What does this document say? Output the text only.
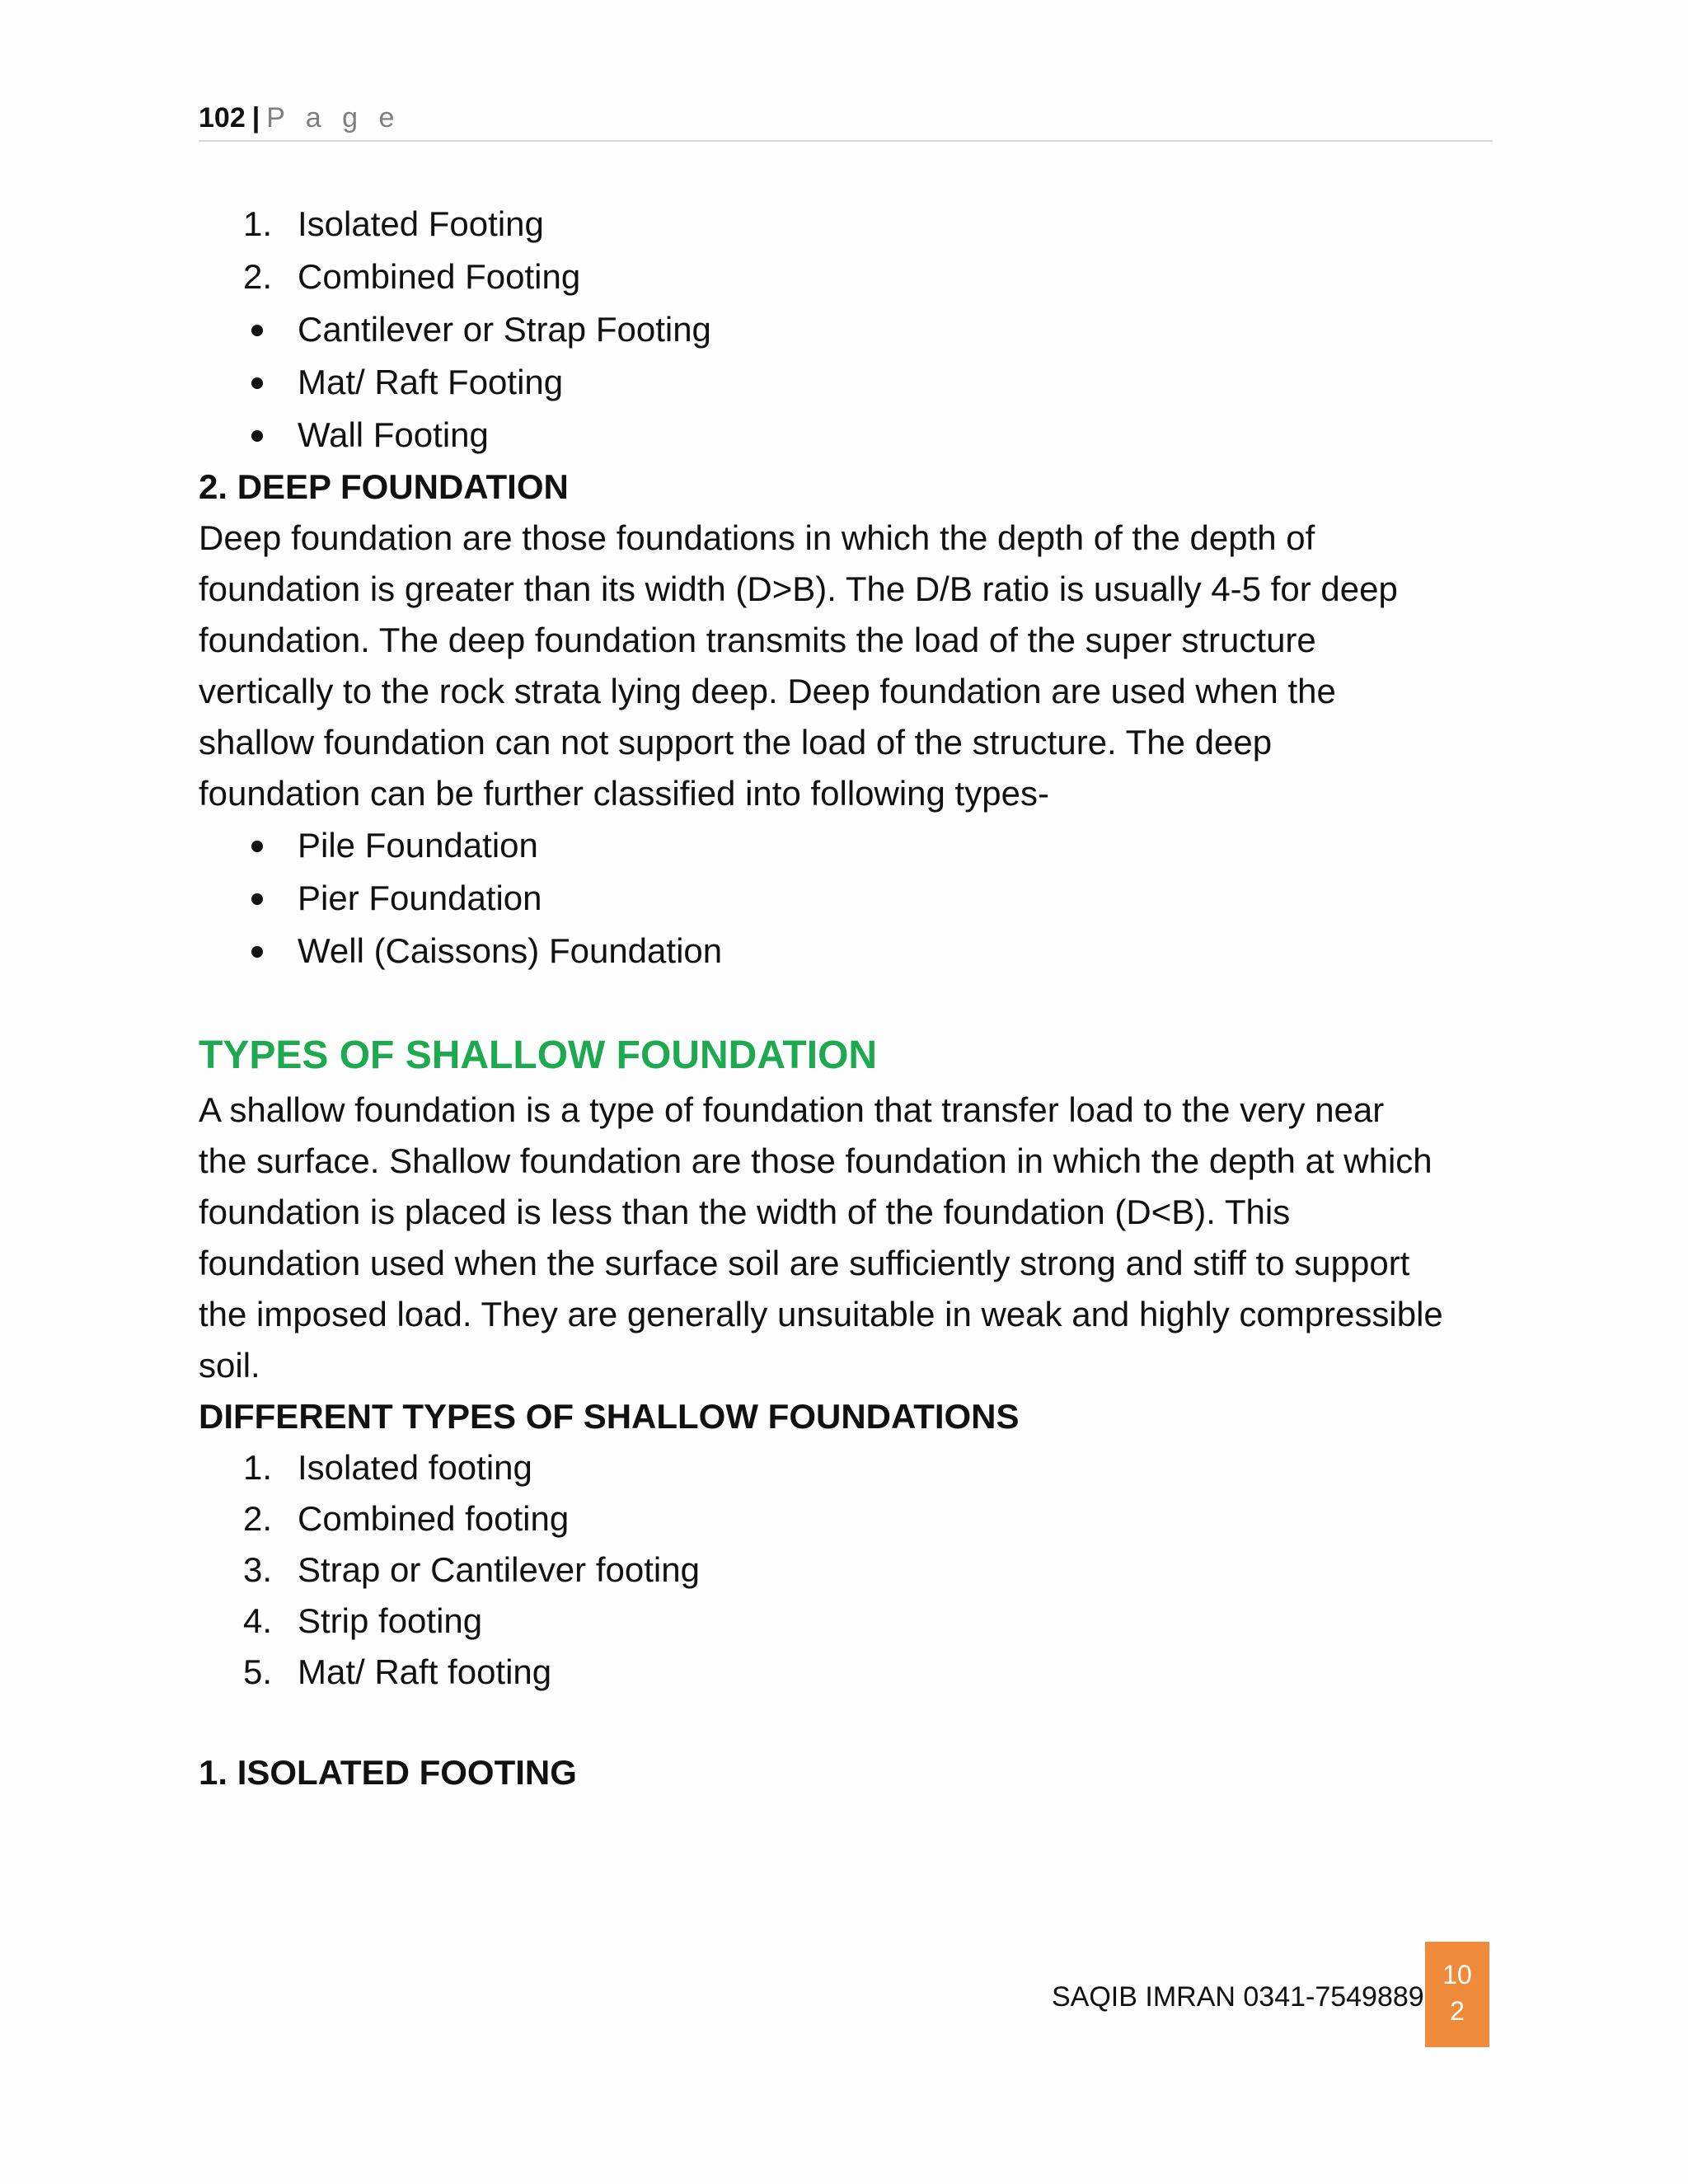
102 | P a g e
1. Isolated Footing
2. Combined Footing
Cantilever or Strap Footing
Mat/ Raft Footing
Wall Footing
2. DEEP FOUNDATION

Deep foundation are those foundations in which the depth of the depth of

foundation is greater than its width (D>B). The D/B ratio is usually 4-5 for deep

foundation. The deep foundation transmits the load of the super structure

vertically to the rock strata lying deep. Deep foundation are used when the

shallow foundation can not support the load of the structure. The deep

foundation can be further classified into following types-

Pile Foundation
Pier Foundation
Well (Caissons) Foundation
TYPES OF SHALLOW FOUNDATION

A shallow foundation is a type of foundation that transfer load to the very near

the surface. Shallow foundation are those foundation in which the depth at which

foundation is placed is less than the width of the foundation (D<B). This

foundation used when the surface soil are sufficiently strong and stiff to support

the imposed load. They are generally unsuitable in weak and highly compressible

soil.

DIFFERENT TYPES OF SHALLOW FOUNDATIONS
1. Isolated footing
2. Combined footing
3. Strap or Cantilever footing
4. Strip footing
5. Mat/ Raft footing
1. ISOLATED FOOTING
SAQIB IMRAN 0341-7549889
10
2
